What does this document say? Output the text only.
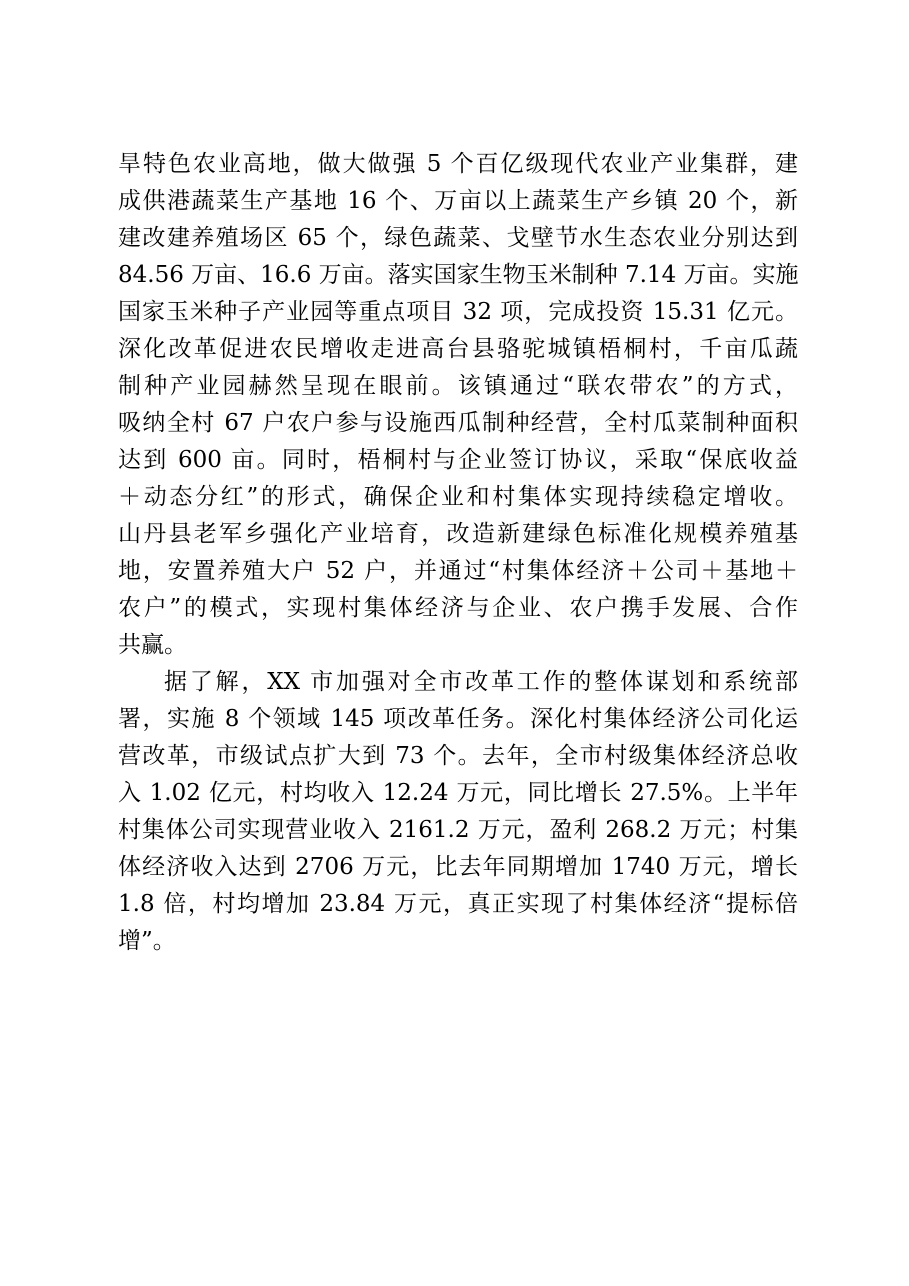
旱特色农业高地，做大做强 5 个百亿级现代农业产业集群，建
成供港蔬菜生产基地 16 个、万亩以上蔬菜生产乡镇 20 个，新
建改建养殖场区 65 个，绿色蔬菜、戈壁节水生态农业分别达到
84.56 万亩、16.6 万亩。落实国家生物玉米制种 7.14 万亩。实施
国家玉米种子产业园等重点项目 32 项，完成投资 15.31 亿元。
深化改革促进农民增收走进高台县骆驼城镇梧桐村，千亩瓜蔬
制种产业园赫然呈现在眼前。该镇通过“联农带农”的方式，
吸纳全村 67 户农户参与设施西瓜制种经营，全村瓜菜制种面积
达到 600 亩。同时，梧桐村与企业签订协议，采取“保底收益
＋动态分红”的形式，确保企业和村集体实现持续稳定增收。
山丹县老军乡强化产业培育，改造新建绿色标准化规模养殖基
地，安置养殖大户 52 户，并通过“村集体经济＋公司＋基地＋
农户”的模式，实现村集体经济与企业、农户携手发展、合作
共赢。
据了解，XX 市加强对全市改革工作的整体谋划和系统部
署，实施 8 个领域 145 项改革任务。深化村集体经济公司化运
营改革，市级试点扩大到 73 个。去年，全市村级集体经济总收
入 1.02 亿元，村均收入 12.24 万元，同比增长 27.5%。上半年
村集体公司实现营业收入 2161.2 万元，盈利 268.2 万元；村集
体经济收入达到 2706 万元，比去年同期增加 1740 万元，增长
1.8 倍，村均增加 23.84 万元，真正实现了村集体经济“提标倍
增”。
